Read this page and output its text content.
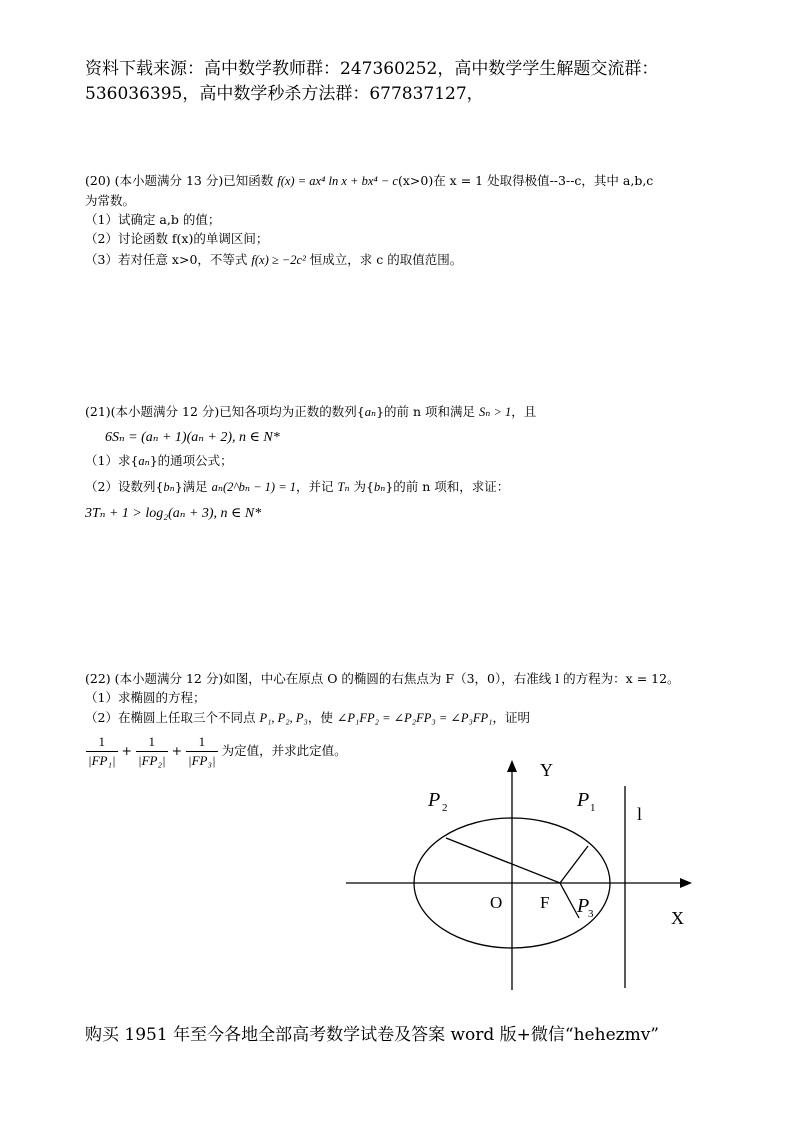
资料下载来源：高中数学教师群：247360252，高中数学学生解题交流群：
536036395，高中数学秒杀方法群：677837127，
(20) (本小题满分 13 分)已知函数 f(x) = ax⁴ ln x + bx⁴ − c(x>0)在 x = 1 处取得极值--3--c，其中 a,b,c
为常数。
（1）试确定 a,b 的值；
（2）讨论函数 f(x)的单调区间；
（3）若对任意 x>0，不等式 f(x) ≥ −2c² 恒成立，求 c 的取值范围。
(21)(本小题满分 12 分)已知各项均为正数的数列{aₙ}的前 n 项和满足 Sₙ > 1，且
6Sₙ = (aₙ + 1)(aₙ + 2), n ∈ N*
（1）求{aₙ}的通项公式；
（2）设数列{bₙ}满足 aₙ(2^bₙ − 1) = 1，并记 Tₙ 为{bₙ}的前 n 项和，求证：
3Tₙ + 1 > log₂(aₙ + 3), n ∈ N*
(22) (本小题满分 12 分)如图，中心在原点 O 的椭圆的右焦点为 F（3，0），右准线 l 的方程为：x = 12。
（1）求椭圆的方程；
（2）在椭圆上任取三个不同点 P₁, P₂, P₃，使 ∠P₁FP₂ = ∠P₂FP₃ = ∠P₃FP₁，证明
$\frac{1}{\text{|FP₁|}} + \frac{1}{\text{|FP₂|}} + \frac{1}{\text{|FP₃|}}$ 为定值，并求此定值。
Y
X
O F
l
P 2	P 1
P
3
购买 1951 年至今各地全部高考数学试卷及答案 word 版+微信“hehezmv”
